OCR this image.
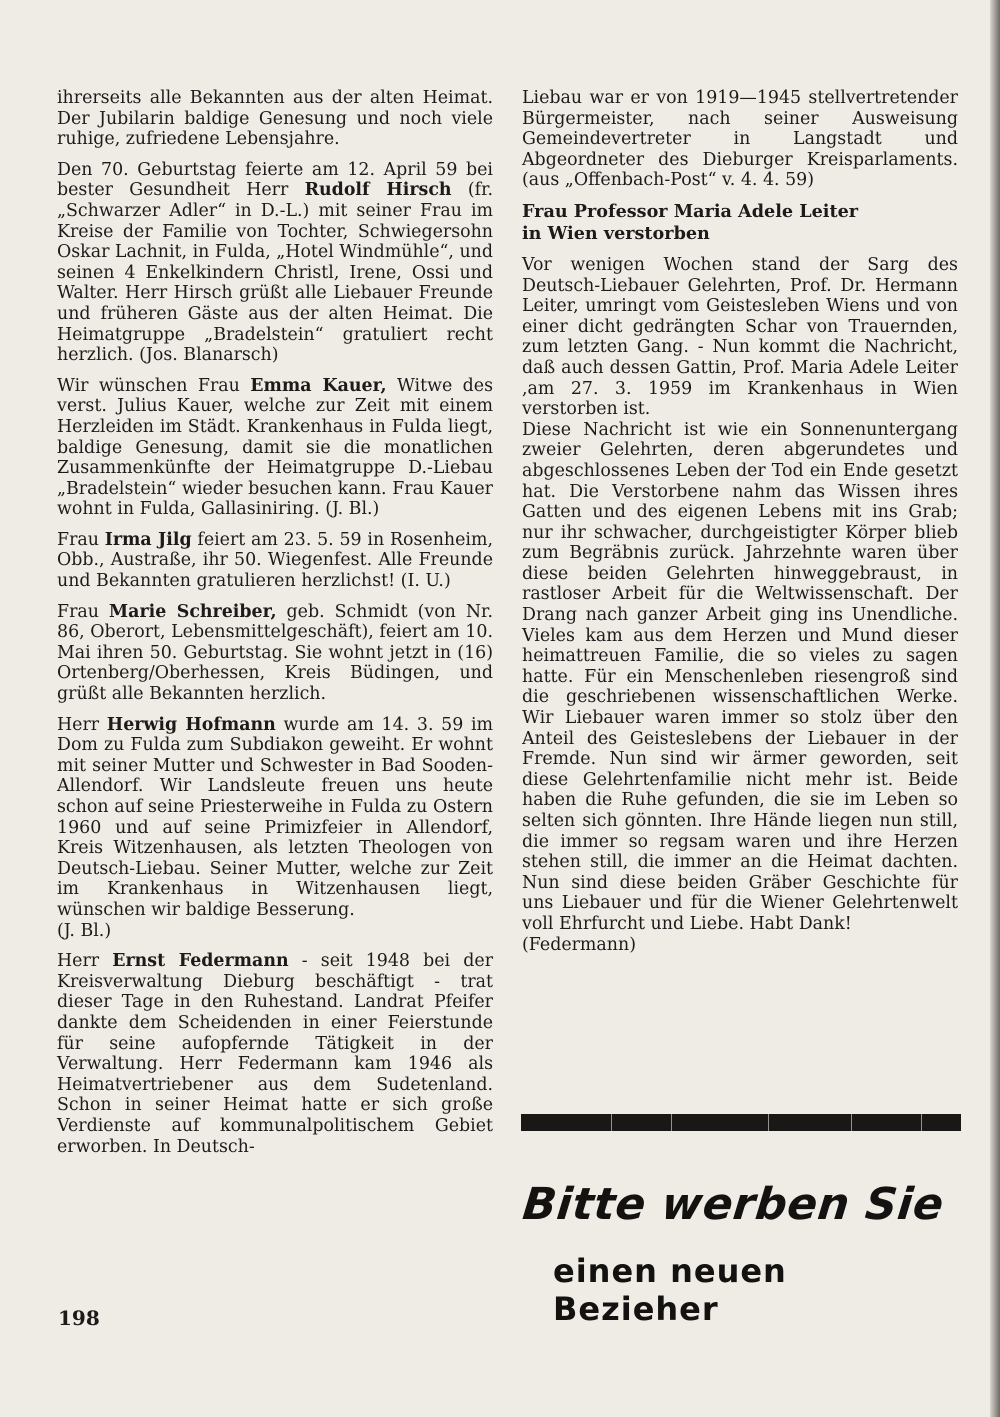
ihrerseits alle Bekannten aus der alten Heimat. Der Jubilarin baldige Genesung und noch viele ruhige, zufriedene Lebensjahre.

Den 70. Geburtstag feierte am 12. April 59 bei bester Gesundheit Herr Rudolf Hirsch (fr. „Schwarzer Adler“ in D.-L.) mit seiner Frau im Kreise der Familie von Tochter, Schwiegersohn Oskar Lachnit, in Fulda, „Hotel Windmühle“, und seinen 4 Enkelkindern Christl, Irene, Ossi und Walter. Herr Hirsch grüßt alle Liebauer Freunde und früheren Gäste aus der alten Heimat. Die Heimatgruppe „Bradelstein“ gratuliert recht herzlich. (Jos. Blanarsch)

Wir wünschen Frau Emma Kauer, Witwe des verst. Julius Kauer, welche zur Zeit mit einem Herzleiden im Städt. Krankenhaus in Fulda liegt, baldige Genesung, damit sie die monatlichen Zusammenkünfte der Heimatgruppe D.-Liebau „Bradelstein“ wieder besuchen kann. Frau Kauer wohnt in Fulda, Gallasiniring. (J. Bl.)

Frau Irma Jilg feiert am 23. 5. 59 in Rosenheim, Obb., Austraße, ihr 50. Wiegenfest. Alle Freunde und Bekannten gratulieren herzlichst! (I. U.)

Frau Marie Schreiber, geb. Schmidt (von Nr. 86, Oberort, Lebensmittelgeschäft), feiert am 10. Mai ihren 50. Geburtstag. Sie wohnt jetzt in (16) Ortenberg/Oberhessen, Kreis Büdingen, und grüßt alle Bekannten herzlich.

Herr Herwig Hofmann wurde am 14. 3. 59 im Dom zu Fulda zum Subdiakon geweiht. Er wohnt mit seiner Mutter und Schwester in Bad Sooden-Allendorf. Wir Landsleute freuen uns heute schon auf seine Priesterweihe in Fulda zu Ostern 1960 und auf seine Primizfeier in Allendorf, Kreis Witzenhausen, als letzten Theologen von Deutsch-Liebau. Seiner Mutter, welche zur Zeit im Krankenhaus in Witzenhausen liegt, wünschen wir baldige Besserung.

(J. Bl.)

Herr Ernst Federmann - seit 1948 bei der Kreisverwaltung Dieburg beschäftigt - trat dieser Tage in den Ruhestand. Landrat Pfeifer dankte dem Scheidenden in einer Feierstunde für seine aufopfernde Tätigkeit in der Verwaltung. Herr Federmann kam 1946 als Heimatvertriebener aus dem Sudetenland. Schon in seiner Heimat hatte er sich große Verdienste auf kommunalpolitischem Gebiet erworben. In Deutsch-

Liebau war er von 1919—1945 stellvertretender Bürgermeister, nach seiner Ausweisung Gemeindevertreter in Langstadt und Abgeordneter des Dieburger Kreisparlaments. (aus „Offenbach-Post“ v. 4. 4. 59)

Frau Professor Maria Adele Leiter
in Wien verstorben

Vor wenigen Wochen stand der Sarg des Deutsch-Liebauer Gelehrten, Prof. Dr. Hermann Leiter, umringt vom Geistesleben Wiens und von einer dicht gedrängten Schar von Trauernden, zum letzten Gang. - Nun kommt die Nachricht, daß auch dessen Gattin, Prof. Maria Adele Leiter ,am 27. 3. 1959 im Krankenhaus in Wien verstorben ist.

Diese Nachricht ist wie ein Sonnenuntergang zweier Gelehrten, deren abgerundetes und abgeschlossenes Leben der Tod ein Ende gesetzt hat. Die Verstorbene nahm das Wissen ihres Gatten und des eigenen Lebens mit ins Grab; nur ihr schwacher, durchgeistigter Körper blieb zum Begräbnis zurück. Jahrzehnte waren über diese beiden Gelehrten hinweggebraust, in rastloser Arbeit für die Weltwissenschaft. Der Drang nach ganzer Arbeit ging ins Unendliche. Vieles kam aus dem Herzen und Mund dieser heimattreuen Familie, die so vieles zu sagen hatte. Für ein Menschenleben riesengroß sind die geschriebenen wissenschaftlichen Werke. Wir Liebauer waren immer so stolz über den Anteil des Geisteslebens der Liebauer in der Fremde. Nun sind wir ärmer geworden, seit diese Gelehrtenfamilie nicht mehr ist. Beide haben die Ruhe gefunden, die sie im Leben so selten sich gönnten. Ihre Hände liegen nun still, die immer so regsam waren und ihre Herzen stehen still, die immer an die Heimat dachten. Nun sind diese beiden Gräber Geschichte für uns Liebauer und für die Wiener Gelehrtenwelt voll Ehrfurcht und Liebe. Habt Dank!

(Federmann)

Bitte werben Sie
einen neuen Bezieher
198
